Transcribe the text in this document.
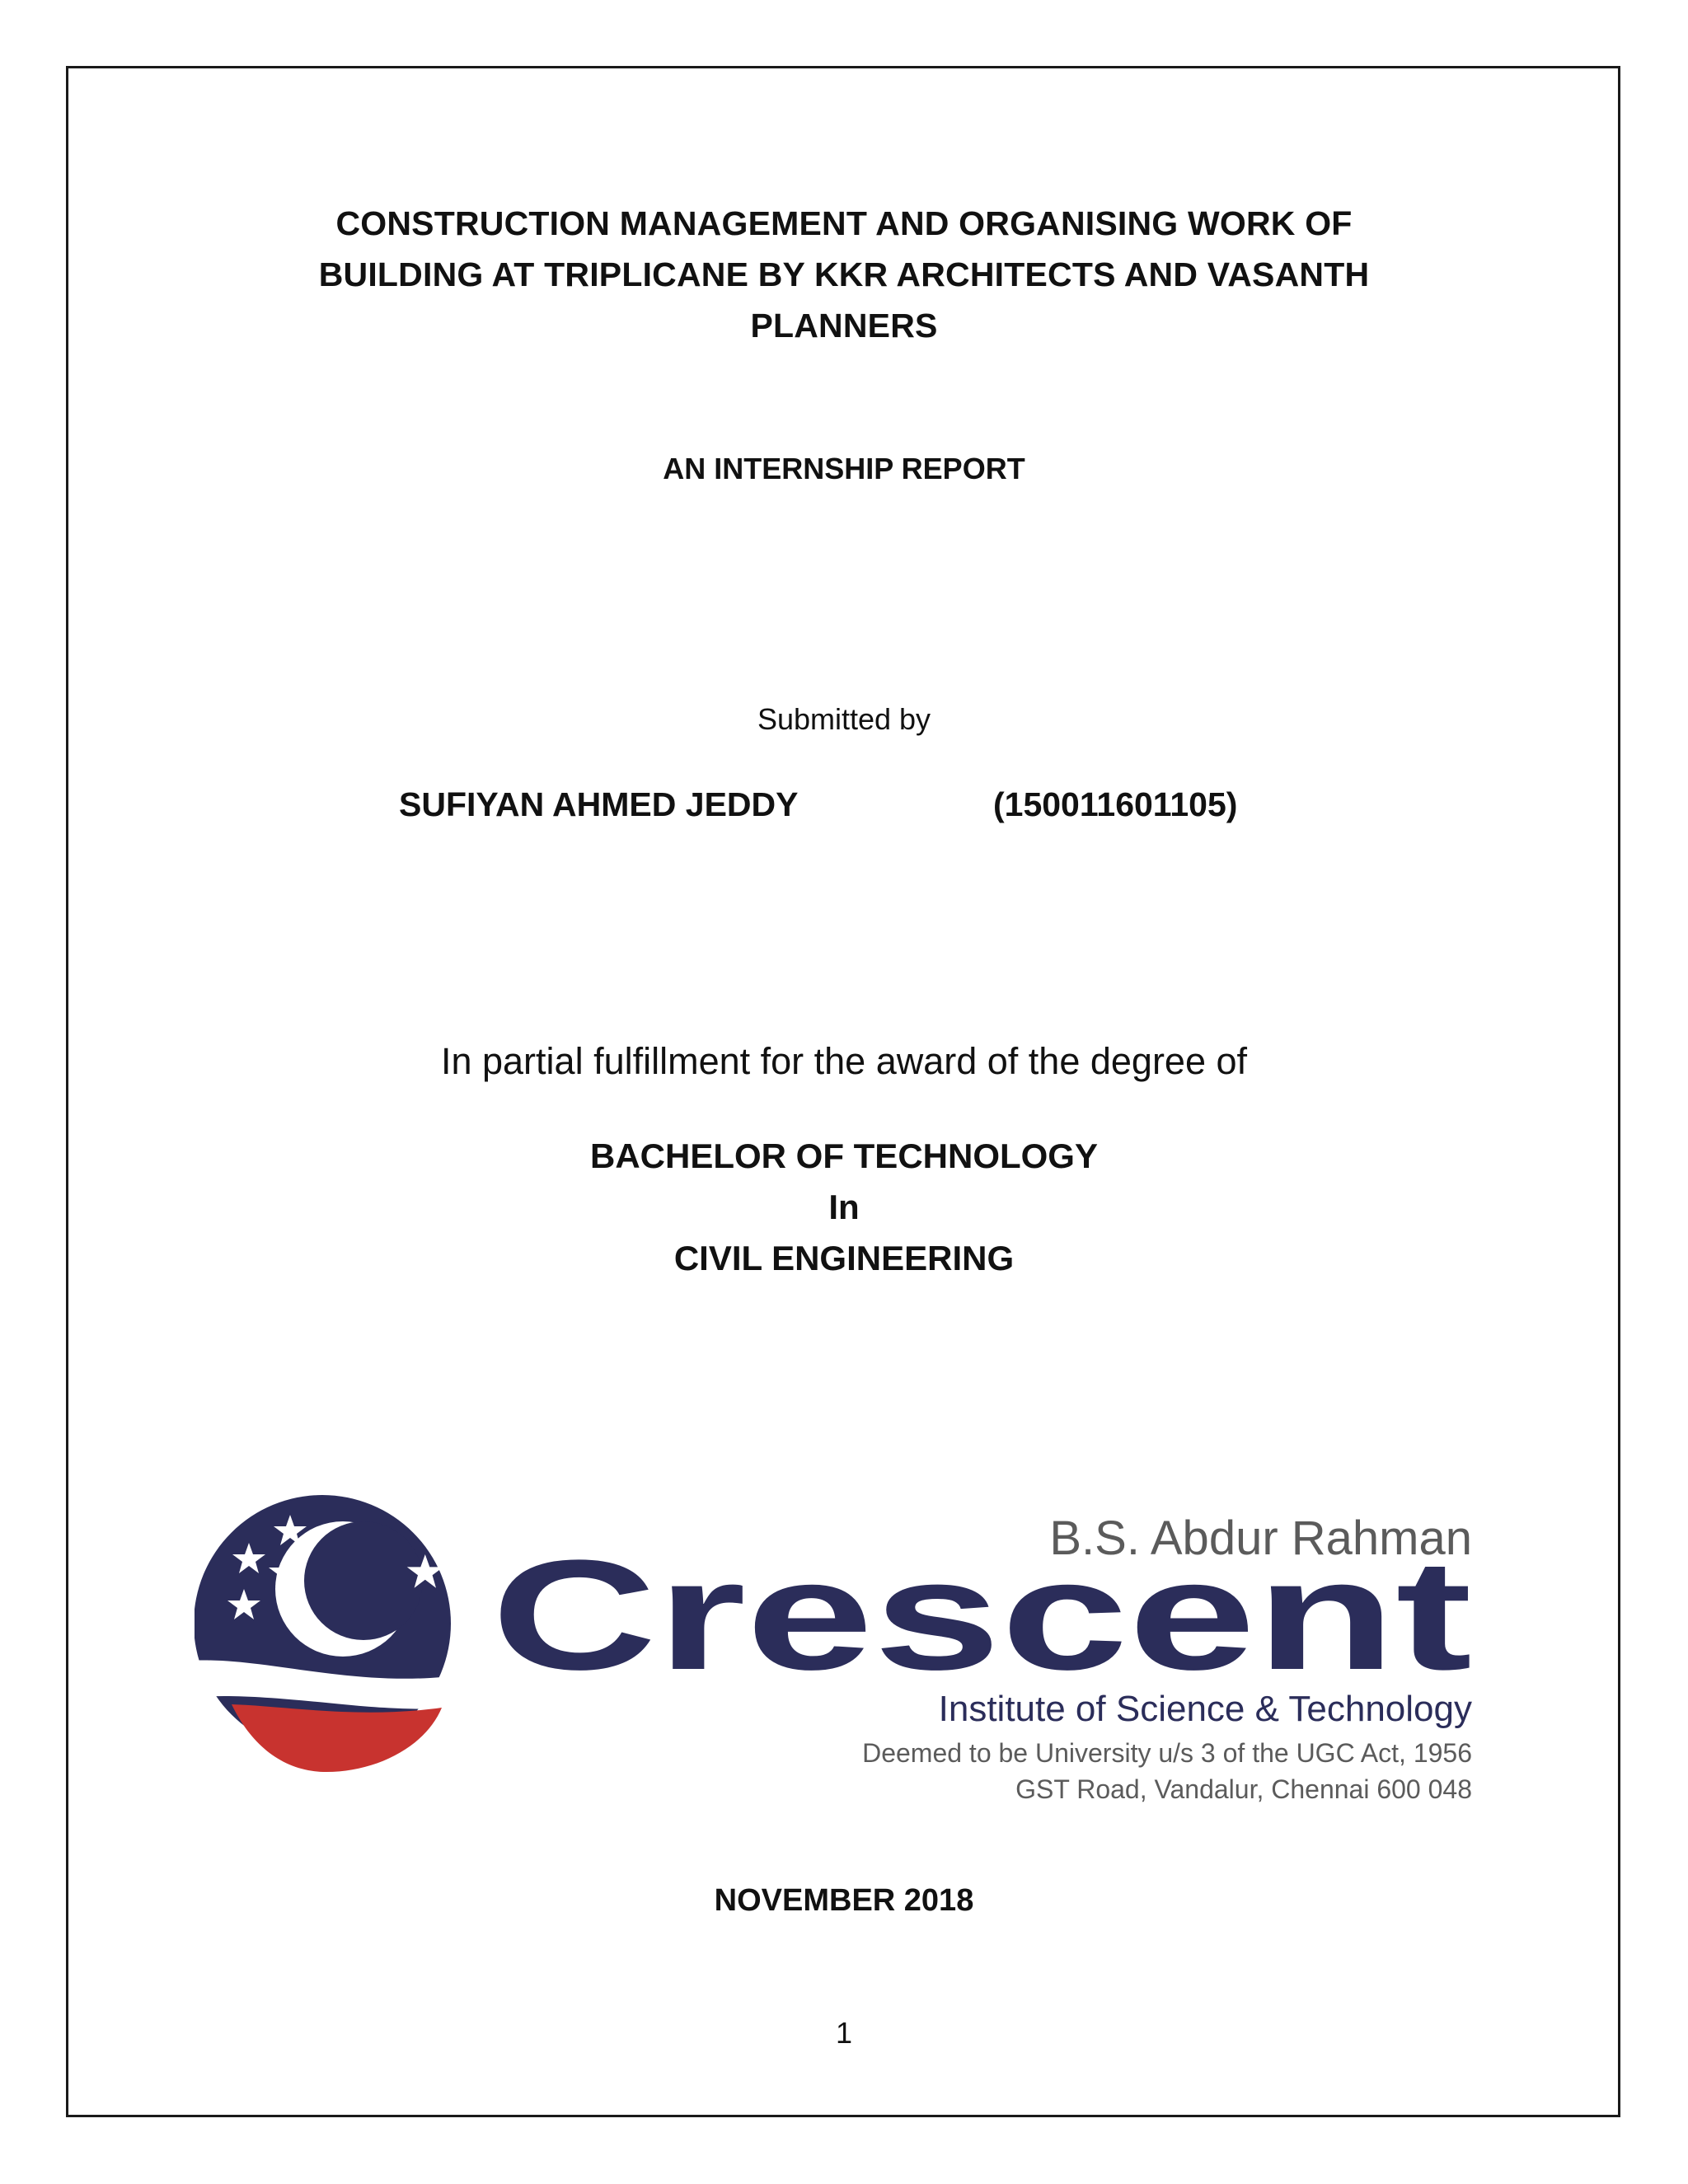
CONSTRUCTION MANAGEMENT AND ORGANISING WORK OF
BUILDING AT TRIPLICANE BY KKR ARCHITECTS AND VASANTH
PLANNERS
AN INTERNSHIP REPORT
Submitted by
SUFIYAN AHMED JEDDY	(150011601105)
In partial fulfillment for the award of the degree of
BACHELOR OF TECHNOLOGY
In
CIVIL ENGINEERING
B.S. Abdur Rahman
Crescent
Institute of Science & Technology
Deemed to be University u/s 3 of the UGC Act, 1956
GST Road, Vandalur, Chennai 600 048
NOVEMBER 2018
1
